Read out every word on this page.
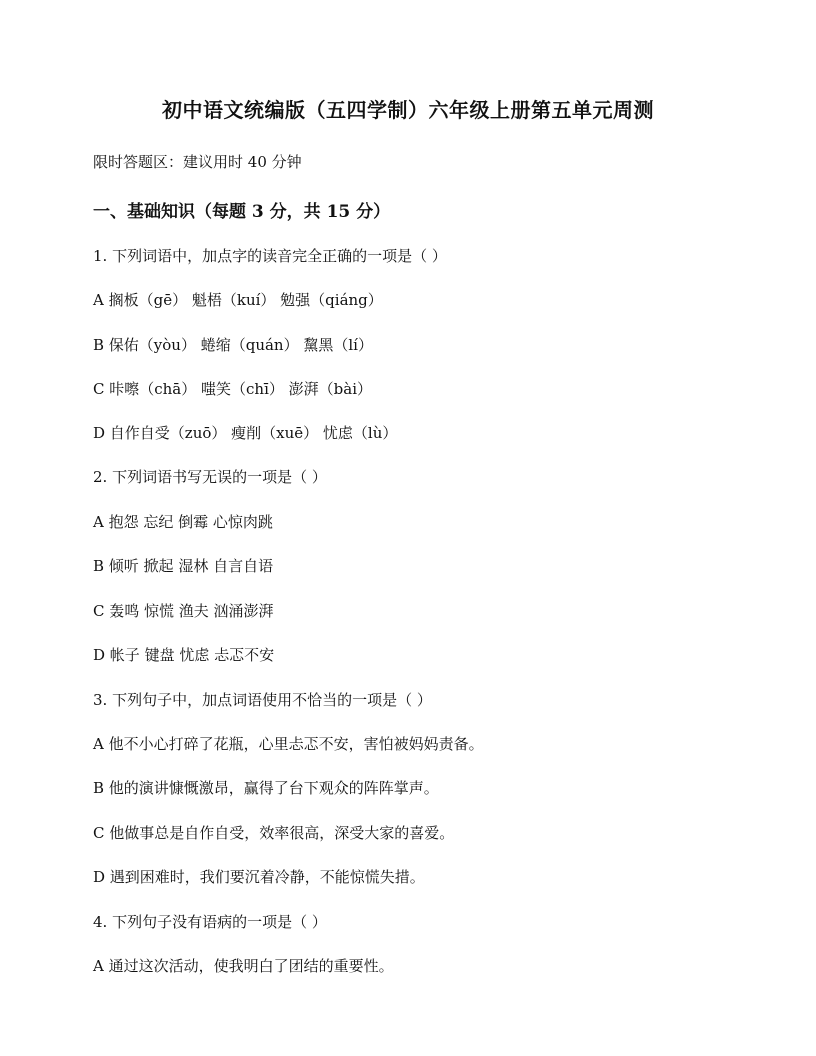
初中语文统编版（五四学制）六年级上册第五单元周测
限时答题区：建议用时 40 分钟
一、基础知识（每题 3 分，共 15 分）
1. 下列词语中，加点字的读音完全正确的一项是（ ）
A 搁板（gē） 魁梧（kuí） 勉强（qiáng）
B 保佑（yòu） 蜷缩（quán） 黧黑（lí）
C 咔嚓（chā） 嗤笑（chī） 澎湃（bài）
D 自作自受（zuō） 瘦削（xuē） 忧虑（lù）
2. 下列词语书写无误的一项是（ ）
A 抱怨 忘纪 倒霉 心惊肉跳
B 倾听 掀起 湿林 自言自语
C 轰鸣 惊慌 渔夫 汹涌澎湃
D 帐子 键盘 忧虑 忐忑不安
3. 下列句子中，加点词语使用不恰当的一项是（ ）
A 他不小心打碎了花瓶，心里忐忑不安，害怕被妈妈责备。
B 他的演讲慷慨激昂，赢得了台下观众的阵阵掌声。
C 他做事总是自作自受，效率很高，深受大家的喜爱。
D 遇到困难时，我们要沉着冷静，不能惊慌失措。
4. 下列句子没有语病的一项是（ ）
A 通过这次活动，使我明白了团结的重要性。
